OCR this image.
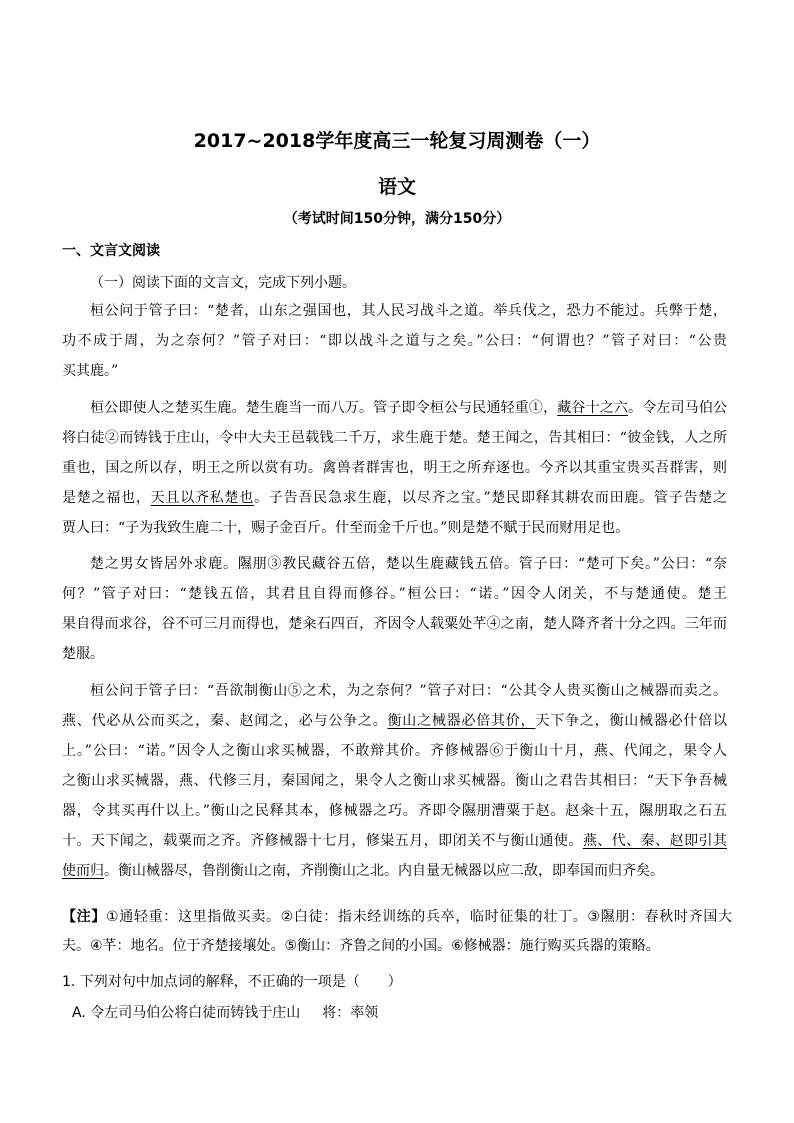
2017~2018学年度高三一轮复习周测卷（一）
语文
（考试时间150分钟，满分150分）
一、文言文阅读
（一）阅读下面的文言文，完成下列小题。
桓公问于管子曰：“楚者，山东之强国也，其人民习战斗之道。举兵伐之，恐力不能过。兵弊于楚，
功不成于周，为之奈何？”管子对曰：“即以战斗之道与之矣。”公曰：“何谓也？”管子对曰：“公贵
买其鹿。”
桓公即使人之楚买生鹿。楚生鹿当一而八万。管子即令桓公与民通轻重①，藏谷十之六。令左司马伯公
将白徒②而铸钱于庄山，令中大夫王邑载钱二千万，求生鹿于楚。楚王闻之，告其相曰：“彼金钱，人之所
重也，国之所以存，明王之所以赏有功。禽兽者群害也，明王之所弃逐也。今齐以其重宝贵买吾群害，则
是楚之福也，天且以齐私楚也。子告吾民急求生鹿，以尽齐之宝。”楚民即释其耕农而田鹿。管子告楚之
贾人曰：“子为我致生鹿二十，赐子金百斤。什至而金千斤也。”则是楚不赋于民而财用足也。
楚之男女皆居外求鹿。隰朋③教民藏谷五倍，楚以生鹿藏钱五倍。管子曰：“楚可下矣。”公曰：“奈
何？”管子对曰：“楚钱五倍，其君且自得而修谷。”桓公曰：“诺。”因令人闭关，不与楚通使。楚王
果自得而求谷，谷不可三月而得也，楚籴石四百，齐因令人载粟处芊④之南，楚人降齐者十分之四。三年而
楚服。
桓公问于管子曰：“吾欲制衡山⑤之术，为之奈何？”管子对曰：“公其令人贵买衡山之械器而卖之。
燕、代必从公而买之，秦、赵闻之，必与公争之。衡山之械器必倍其价，天下争之，衡山械器必什倍以
上。”公曰：“诺。”因令人之衡山求买械器，不敢辩其价。齐修械器⑥于衡山十月，燕、代闻之，果令人
之衡山求买械器，燕、代修三月，秦国闻之，果令人之衡山求买械器。衡山之君告其相曰：“天下争吾械
器，令其买再什以上。”衡山之民释其本，修械器之巧。齐即令隰朋漕粟于赵。赵籴十五，隰朋取之石五
十。天下闻之，载粟而之齐。齐修械器十七月，修粜五月，即闭关不与衡山通使。燕、代、秦、赵即引其
使而归。衡山械器尽，鲁削衡山之南，齐削衡山之北。内自量无械器以应二敌，即奉国而归齐矣。
【注】①通轻重：这里指做买卖。②白徒：指未经训练的兵卒，临时征集的壮丁。③隰朋：春秋时齐国大
夫。④芊：地名。位于齐楚接壤处。⑤衡山：齐鲁之间的小国。⑥修械器：施行购买兵器的策略。
1. 下列对句中加点词的解释，不正确的一项是（　　）
A. 令左司马伯公将白徒而铸钱于庄山 将：率领
